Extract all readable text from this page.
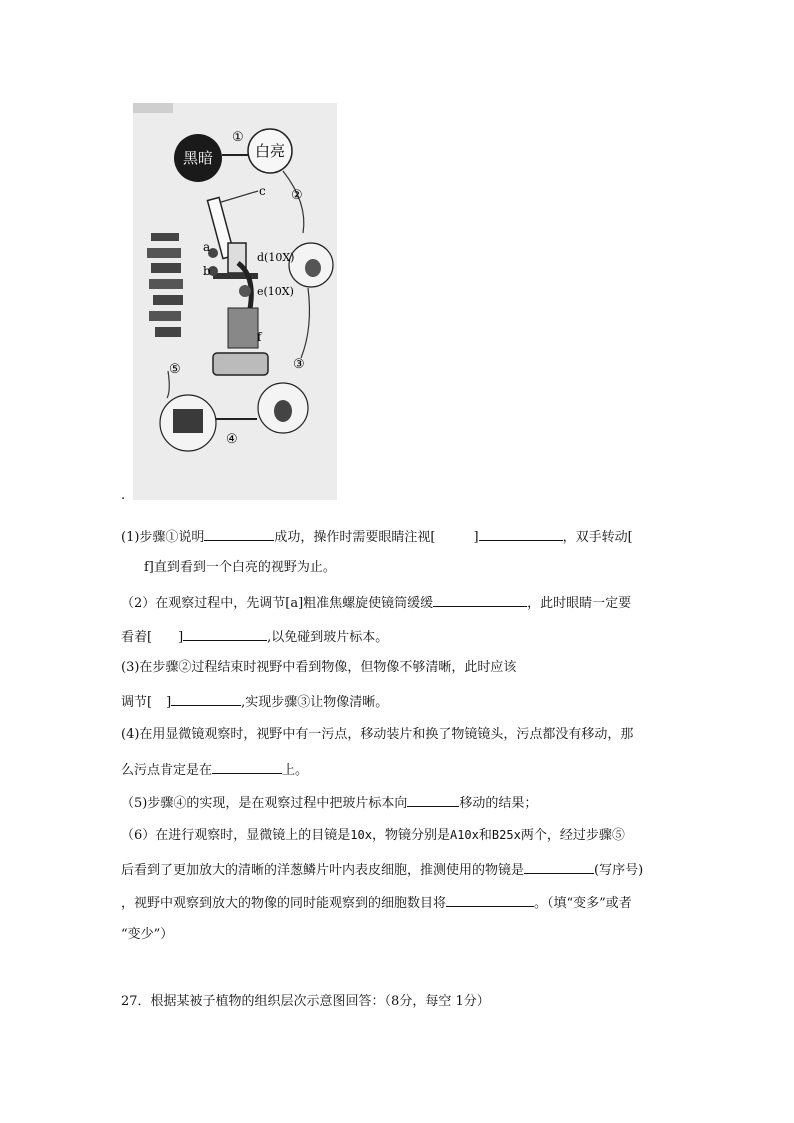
黑暗
①
白亮
②
③
④
⑤
a
b
c
d(10X)
e(10X)
f
.
(1)步骤①说明	成功，操作时需要眼睛注视[	]	，双手转动[
f]直到看到一个白亮的视野为止。
（2）在观察过程中，先调节[a]粗准焦螺旋使镜筒缓缓	，此时眼睛一定要
看着[ ]	,以免碰到玻片标本。
(3)在步骤②过程结束时视野中看到物像，但物像不够清晰，此时应该
调节[ ]	,实现步骤③让物像清晰。
(4)在用显微镜观察时，视野中有一污点，移动装片和换了物镜镜头，污点都没有移动，那
么污点肯定是在	上。
（5)步骤④的实现，是在观察过程中把玻片标本向	移动的结果；
（6）在进行观察时，显微镜上的目镜是10x，物镜分别是A10x和B25x两个，经过步骤⑤
后看到了更加放大的清晰的洋葱鳞片叶内表皮细胞，推测使用的物镜是	(写序号)
，视野中观察到放大的物像的同时能观察到的细胞数目将	。（填“变多”或者
“变少”）
27．根据某被子植物的组织层次示意图回答：（8分，每空 1分）
